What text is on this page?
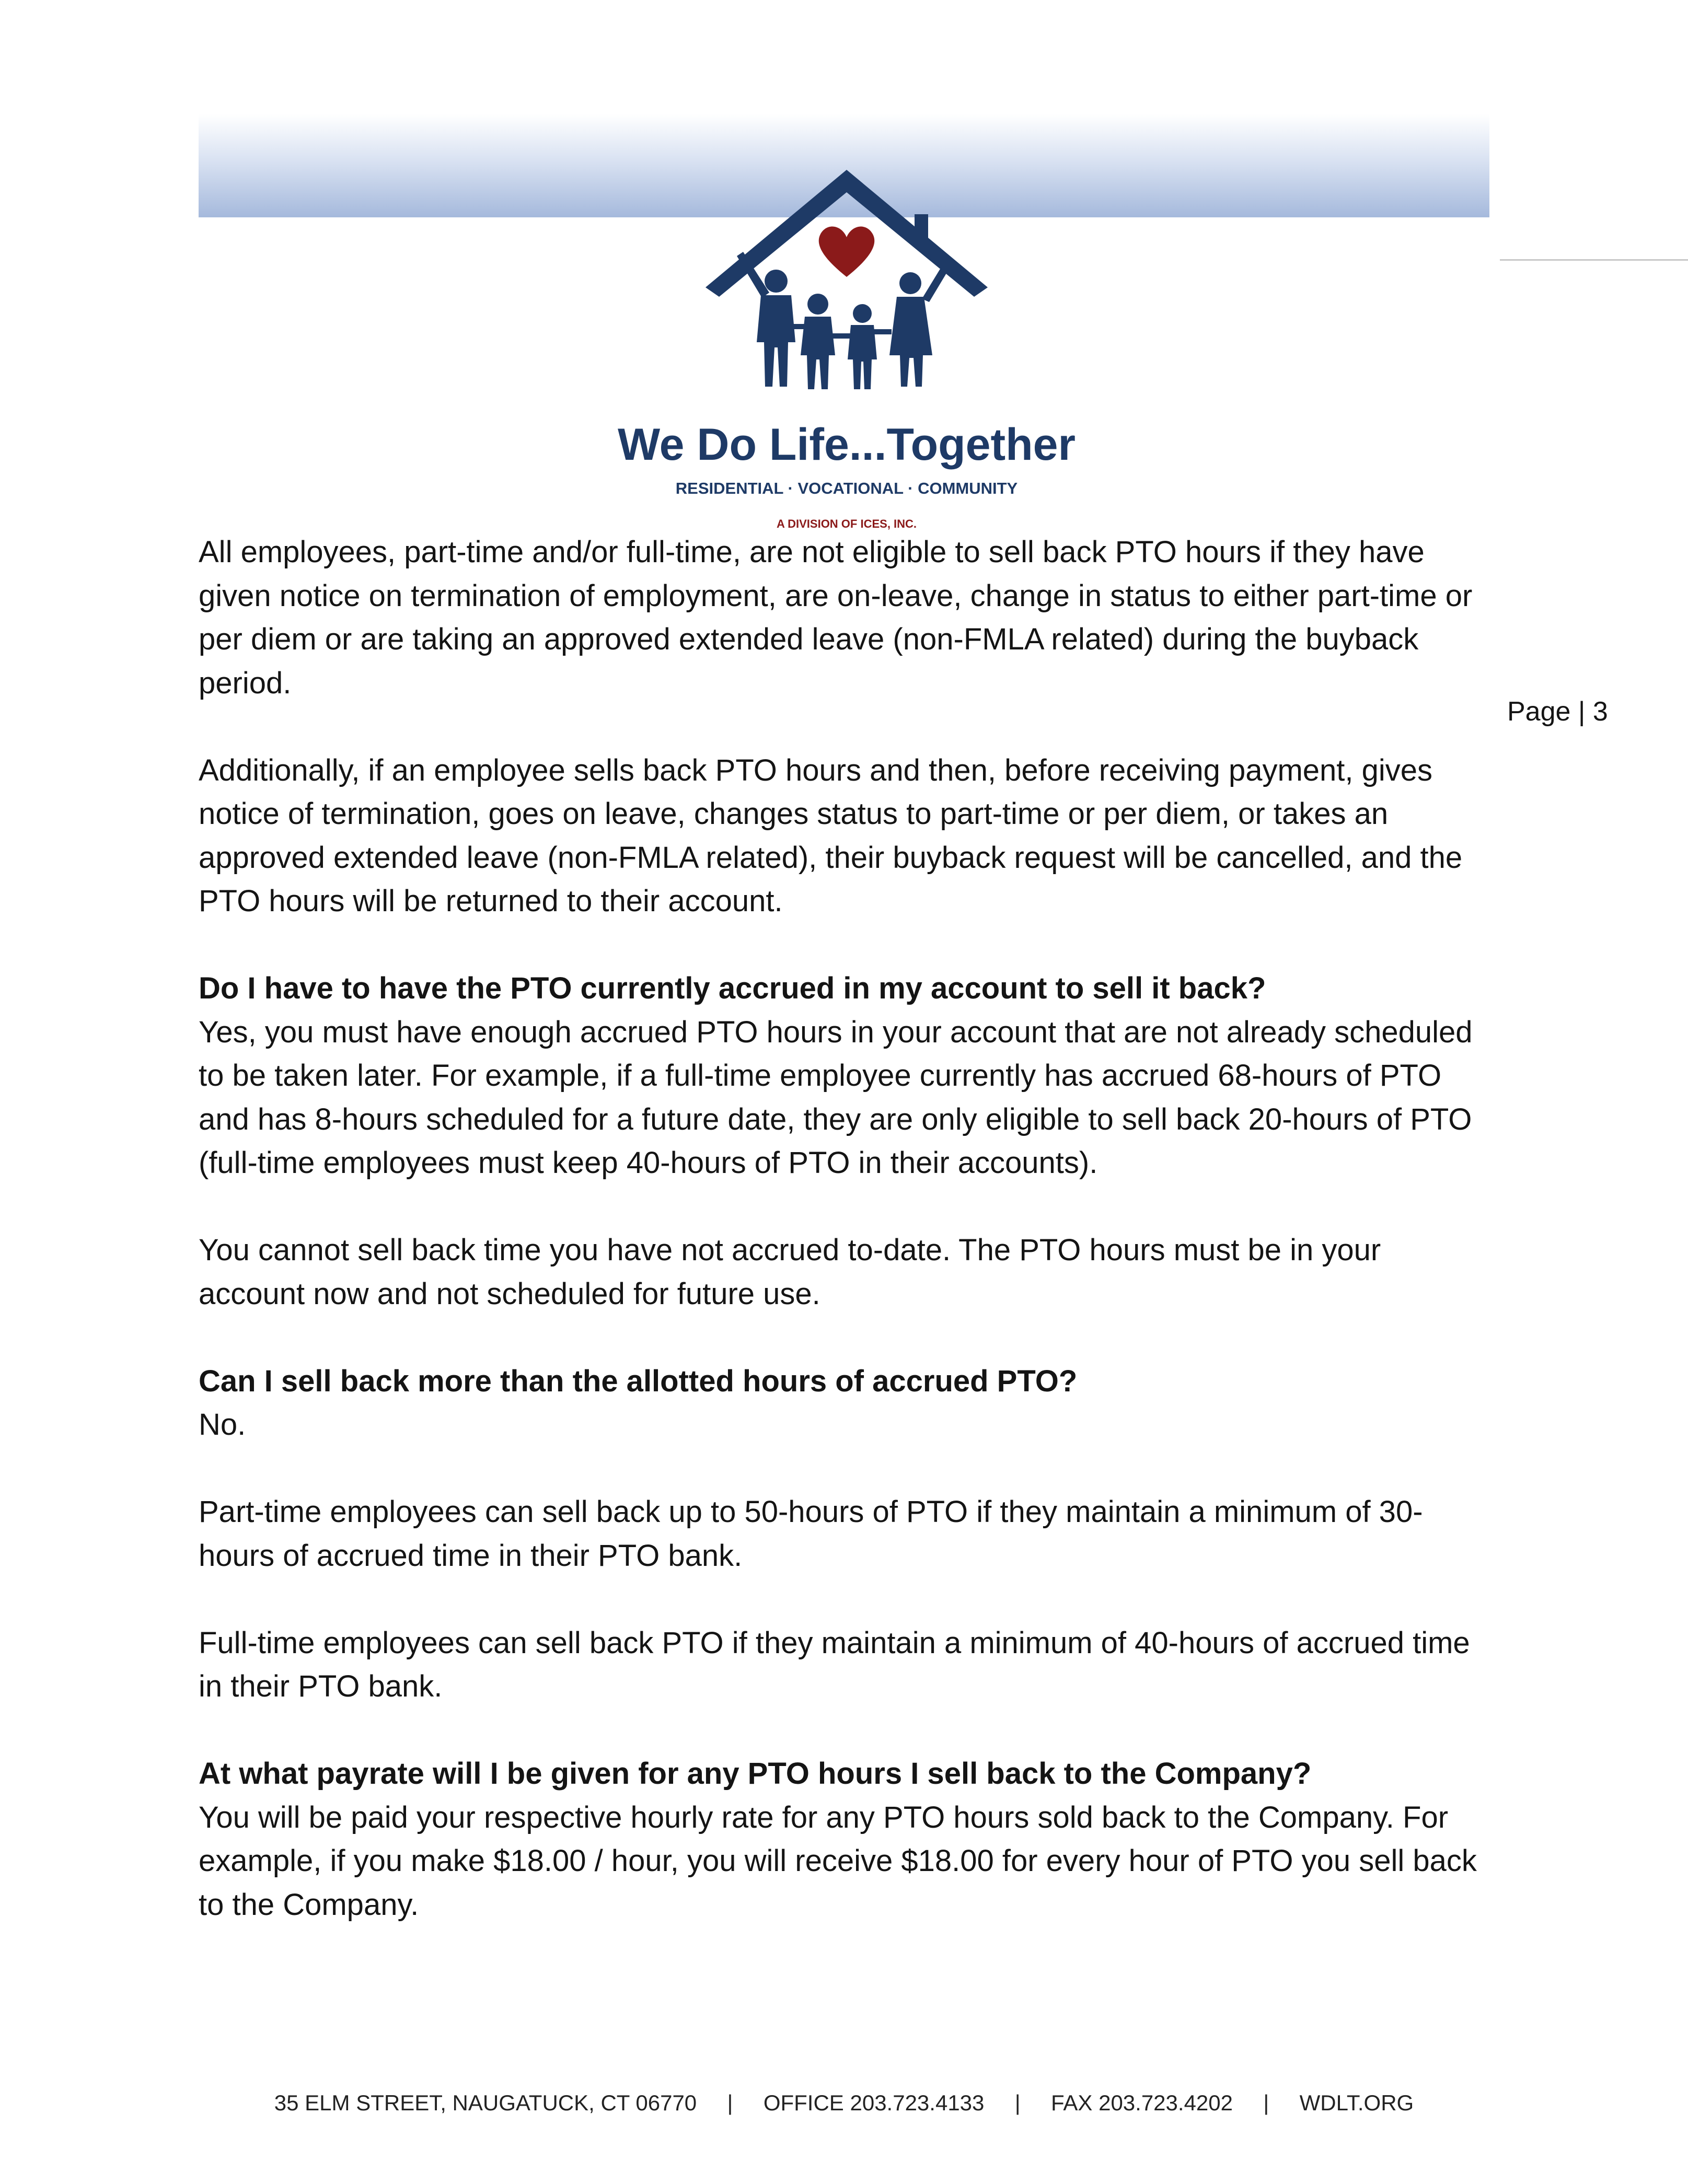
We Do Life...Together
RESIDENTIAL · VOCATIONAL · COMMUNITY
A DIVISION OF ICES, INC.
Page | 3

All employees, part-time and/or full-time, are not eligible to sell back PTO hours if they have given notice on termination of employment, are on-leave, change in status to either part-time or per diem or are taking an approved extended leave (non-FMLA related) during the buyback period.

Additionally, if an employee sells back PTO hours and then, before receiving payment, gives notice of termination, goes on leave, changes status to part-time or per diem, or takes an approved extended leave (non-FMLA related), their buyback request will be cancelled, and the PTO hours will be returned to their account.

Do I have to have the PTO currently accrued in my account to sell it back?

Yes, you must have enough accrued PTO hours in your account that are not already scheduled to be taken later. For example, if a full-time employee currently has accrued 68-hours of PTO and has 8-hours scheduled for a future date, they are only eligible to sell back 20-hours of PTO (full-time employees must keep 40-hours of PTO in their accounts).

You cannot sell back time you have not accrued to-date. The PTO hours must be in your account now and not scheduled for future use.

Can I sell back more than the allotted hours of accrued PTO?

No.

Part-time employees can sell back up to 50-hours of PTO if they maintain a minimum of 30-hours of accrued time in their PTO bank.

Full-time employees can sell back PTO if they maintain a minimum of 40-hours of accrued time in their PTO bank.

At what payrate will I be given for any PTO hours I sell back to the Company?

You will be paid your respective hourly rate for any PTO hours sold back to the Company. For example, if you make $18.00 / hour, you will receive $18.00 for every hour of PTO you sell back to the Company.

35 ELM STREET, NAUGATUCK, CT 06770 | OFFICE 203.723.4133 | FAX 203.723.4202 | WDLT.ORG
